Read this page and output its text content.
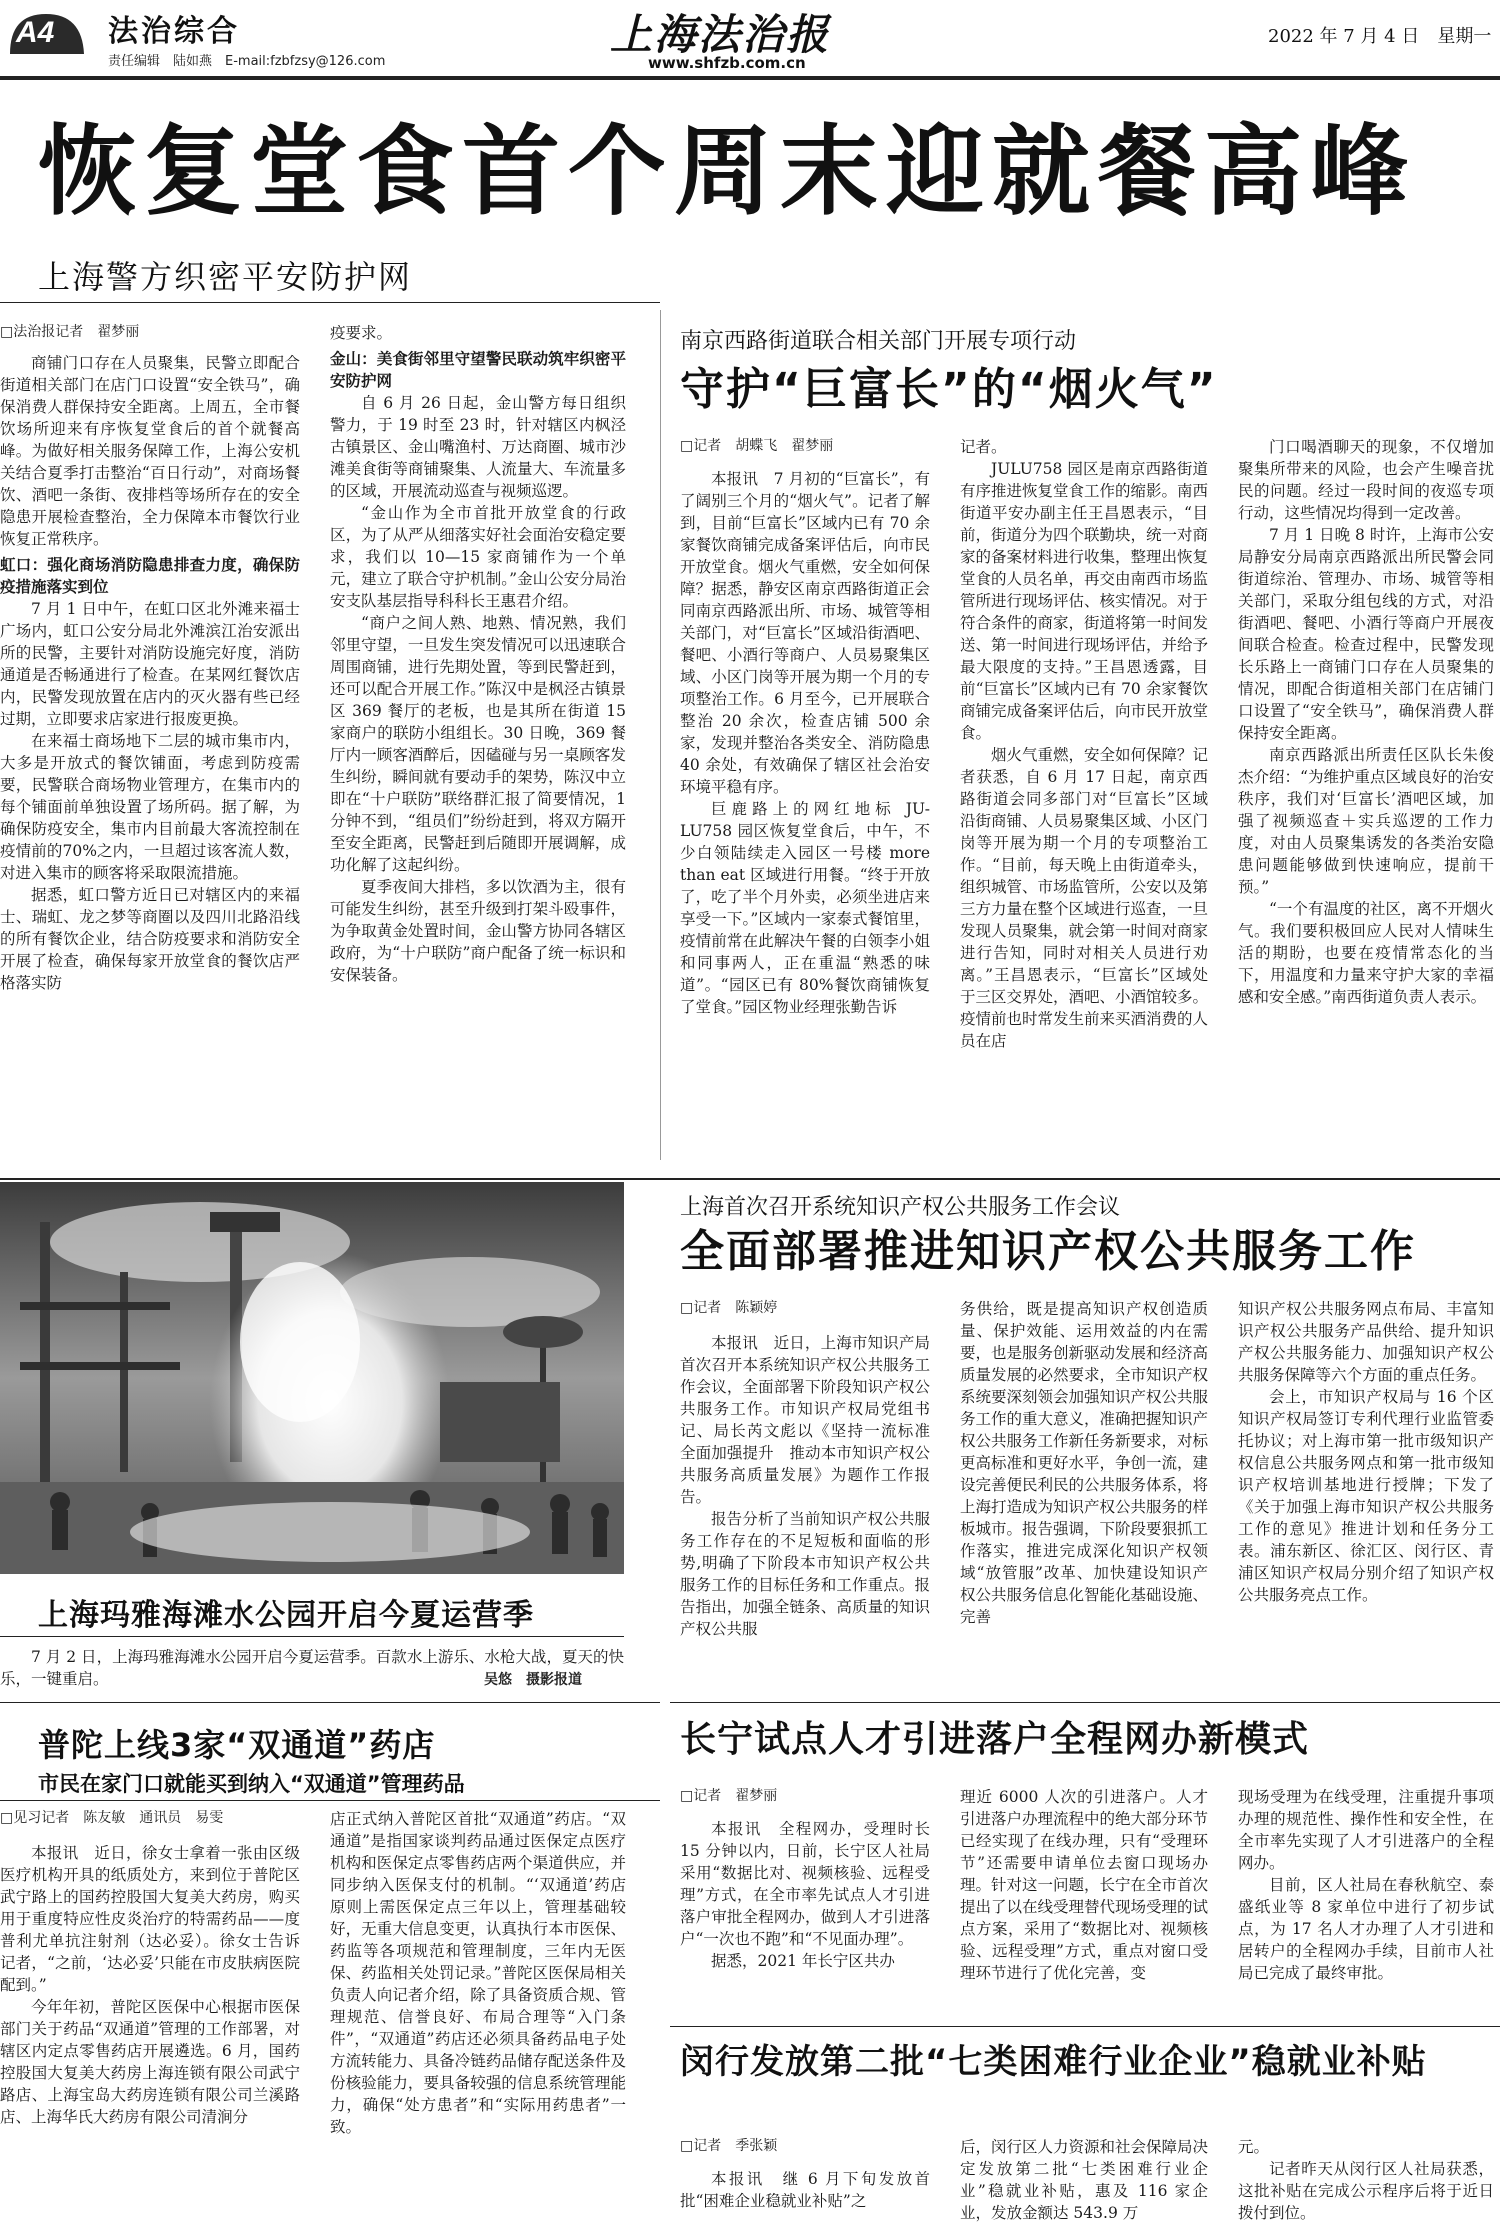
A4 法治综合
责任编辑　陆如燕　E-mail:fzbfzsy@126.com
上海法治报
www.shfzb.com.cn
2022 年 7 月 4 日　星期一
恢复堂食首个周末迎就餐高峰
上海警方织密平安防护网
□法治报记者　翟梦丽

商铺门口存在人员聚集，民警立即配合街道相关部门在店门口设置“安全铁马”，确保消费人群保持安全距离。上周五，全市餐饮场所迎来有序恢复堂食后的首个就餐高峰。为做好相关服务保障工作，上海公安机关结合夏季打击整治“百日行动”，对商场餐饮、酒吧一条街、夜排档等场所存在的安全隐患开展检查整治，全力保障本市餐饮行业恢复正常秩序。

虹口：强化商场消防隐患排查力度，确保防疫措施落实到位

7 月 1 日中午，在虹口区北外滩来福士广场内，虹口公安分局北外滩滨江治安派出所的民警，主要针对消防设施完好度，消防通道是否畅通进行了检查。在某网红餐饮店内，民警发现放置在店内的灭火器有些已经过期，立即要求店家进行报废更换。

在来福士商场地下二层的城市集市内，大多是开放式的餐饮铺面，考虑到防疫需要，民警联合商场物业管理方，在集市内的每个铺面前单独设置了场所码。据了解，为确保防疫安全，集市内目前最大客流控制在疫情前的70%之内，一旦超过该客流人数，对进入集市的顾客将采取限流措施。

据悉，虹口警方近日已对辖区内的来福士、瑞虹、龙之梦等商圈以及四川北路沿线的所有餐饮企业，结合防疫要求和消防安全开展了检查，确保每家开放堂食的餐饮店严格落实防

疫要求。

金山：美食街邻里守望警民联动筑牢织密平安防护网

自 6 月 26 日起，金山警方每日组织警力，于 19 时至 23 时，针对辖区内枫泾古镇景区、金山嘴渔村、万达商圈、城市沙滩美食街等商铺聚集、人流量大、车流量多的区域，开展流动巡查与视频巡逻。

“金山作为全市首批开放堂食的行政区，为了从严从细落实好社会面治安稳定要求，我们以 10—15 家商铺作为一个单元，建立了联合守护机制。”金山公安分局治安支队基层指导科科长王惠君介绍。

“商户之间人熟、地熟、情况熟，我们邻里守望，一旦发生突发情况可以迅速联合周围商铺，进行先期处置，等到民警赶到，还可以配合开展工作。”陈汉中是枫泾古镇景区 369 餐厅的老板，也是其所在街道 15 家商户的联防小组组长。30 日晚，369 餐厅内一顾客酒醉后，因磕碰与另一桌顾客发生纠纷，瞬间就有要动手的架势，陈汉中立即在“十户联防”联络群汇报了简要情况，1 分钟不到，“组员们”纷纷赶到，将双方隔开至安全距离，民警赶到后随即开展调解，成功化解了这起纠纷。

夏季夜间大排档，多以饮酒为主，很有可能发生纠纷，甚至升级到打架斗殴事件，为争取黄金处置时间，金山警方协同各辖区政府，为“十户联防”商户配备了统一标识和安保装备。

南京西路街道联合相关部门开展专项行动
守护“巨富长”的“烟火气”
□记者　胡蝶飞　翟梦丽

本报讯　7 月初的“巨富长”，有了阔别三个月的“烟火气”。记者了解到，目前“巨富长”区域内已有 70 余家餐饮商铺完成备案评估后，向市民开放堂食。烟火气重燃，安全如何保障？据悉，静安区南京西路街道正会同南京西路派出所、市场、城管等相关部门，对“巨富长”区域沿街酒吧、餐吧、小酒行等商户、人员易聚集区域、小区门岗等开展为期一个月的专项整治工作。6 月至今，已开展联合整治 20 余次，检查店铺 500 余家，发现并整治各类安全、消防隐患 40 余处，有效确保了辖区社会治安环境平稳有序。

巨鹿路上的网红地标 JU-LU758 园区恢复堂食后，中午，不少白领陆续走入园区一号楼 more than eat 区域进行用餐。“终于开放了，吃了半个月外卖，必须坐进店来享受一下。”区域内一家泰式餐馆里，疫情前常在此解决午餐的白领李小姐和同事两人，正在重温“熟悉的味道”。“园区已有 80%餐饮商铺恢复了堂食。”园区物业经理张勤告诉

记者。

JULU758 园区是南京西路街道有序推进恢复堂食工作的缩影。南西街道平安办副主任王昌恩表示，“目前，街道分为四个联勤块，统一对商家的备案材料进行收集，整理出恢复堂食的人员名单，再交由南西市场监管所进行现场评估、核实情况。对于符合条件的商家，街道将第一时间发送、第一时间进行现场评估，并给予最大限度的支持。”王昌恩透露，目前“巨富长”区域内已有 70 余家餐饮商铺完成备案评估后，向市民开放堂食。

烟火气重燃，安全如何保障？记者获悉，自 6 月 17 日起，南京西路街道会同多部门对“巨富长”区域沿街商铺、人员易聚集区域、小区门岗等开展为期一个月的专项整治工作。“目前，每天晚上由街道牵头，组织城管、市场监管所，公安以及第三方力量在整个区域进行巡查，一旦发现人员聚集，就会第一时间对商家进行告知，同时对相关人员进行劝离。”王昌恩表示，“巨富长”区域处于三区交界处，酒吧、小酒馆较多。疫情前也时常发生前来买酒消费的人员在店

门口喝酒聊天的现象，不仅增加聚集所带来的风险，也会产生噪音扰民的问题。经过一段时间的夜巡专项行动，这些情况均得到一定改善。

7 月 1 日晚 8 时许，上海市公安局静安分局南京西路派出所民警会同街道综治、管理办、市场、城管等相关部门，采取分组包线的方式，对沿街酒吧、餐吧、小酒行等商户开展夜间联合检查。检查过程中，民警发现长乐路上一商铺门口存在人员聚集的情况，即配合街道相关部门在店铺门口设置了“安全铁马”，确保消费人群保持安全距离。

南京西路派出所责任区队长朱俊杰介绍：“为维护重点区域良好的治安秩序，我们对‘巨富长’酒吧区域，加强了视频巡查＋实兵巡逻的工作力度，对由人员聚集诱发的各类治安隐患问题能够做到快速响应，提前干预。”

“一个有温度的社区，离不开烟火气。我们要积极回应人民对人情味生活的期盼，也要在疫情常态化的当下，用温度和力量来守护大家的幸福感和安全感。”南西街道负责人表示。

上海玛雅海滩水公园开启今夏运营季
7 月 2 日，上海玛雅海滩水公园开启今夏运营季。百款水上游乐、水枪大战，夏天的快乐，一键重启。	吴悠　摄影报道
上海首次召开系统知识产权公共服务工作会议
全面部署推进知识产权公共服务工作
□记者　陈颖婷

本报讯　近日，上海市知识产局首次召开本系统知识产权公共服务工作会议，全面部署下阶段知识产权公共服务工作。市知识产权局党组书记、局长芮文彪以《坚持一流标准　全面加强提升　推动本市知识产权公共服务高质量发展》为题作工作报告。

报告分析了当前知识产权公共服务工作存在的不足短板和面临的形势,明确了下阶段本市知识产权公共服务工作的目标任务和工作重点。报告指出，加强全链条、高质量的知识产权公共服

务供给，既是提高知识产权创造质量、保护效能、运用效益的内在需要，也是服务创新驱动发展和经济高质量发展的必然要求，全市知识产权系统要深刻领会加强知识产权公共服务工作的重大意义，准确把握知识产权公共服务工作新任务新要求，对标更高标准和更好水平，争创一流，建设完善便民利民的公共服务体系，将上海打造成为知识产权公共服务的样板城市。报告强调，下阶段要狠抓工作落实，推进完成深化知识产权领域“放管服”改革、加快建设知识产权公共服务信息化智能化基础设施、完善

知识产权公共服务网点布局、丰富知识产权公共服务产品供给、提升知识产权公共服务能力、加强知识产权公共服务保障等六个方面的重点任务。

会上，市知识产权局与 16 个区知识产权局签订专利代理行业监管委托协议；对上海市第一批市级知识产权信息公共服务网点和第一批市级知识产权培训基地进行授牌；下发了《关于加强上海市知识产权公共服务工作的意见》推进计划和任务分工表。浦东新区、徐汇区、闵行区、青浦区知识产权局分别介绍了知识产权公共服务亮点工作。

普陀上线3家“双通道”药店
市民在家门口就能买到纳入“双通道”管理药品
□见习记者　陈友敏　通讯员　易雯

本报讯　近日，徐女士拿着一张由区级医疗机构开具的纸质处方，来到位于普陀区武宁路上的国药控股国大复美大药房，购买用于重度特应性皮炎治疗的特需药品——度普利尤单抗注射剂（达必妥）。徐女士告诉记者，“之前，‘达必妥’只能在市皮肤病医院配到。”

今年年初，普陀区医保中心根据市医保部门关于药品“双通道”管理的工作部署，对辖区内定点零售药店开展遴选。6 月，国药控股国大复美大药房上海连锁有限公司武宁路店、上海宝岛大药房连锁有限公司兰溪路店、上海华氏大药房有限公司清涧分

店正式纳入普陀区首批“双通道”药店。“双通道”是指国家谈判药品通过医保定点医疗机构和医保定点零售药店两个渠道供应，并同步纳入医保支付的机制。“‘双通道’药店原则上需医保定点三年以上，管理基础较好，无重大信息变更，认真执行本市医保、药监等各项规范和管理制度，三年内无医保、药监相关处罚记录。”普陀区医保局相关负责人向记者介绍，除了具备资质合规、管理规范、信誉良好、布局合理等“入门条件”，“双通道”药店还必须具备药品电子处方流转能力、具备冷链药品储存配送条件及份核验能力，要具备较强的信息系统管理能力，确保“处方患者”和“实际用药患者”一致。

长宁试点人才引进落户全程网办新模式
□记者　翟梦丽

本报讯　全程网办，受理时长 15 分钟以内，日前，长宁区人社局采用“数据比对、视频核验、远程受理”方式，在全市率先试点人才引进落户审批全程网办，做到人才引进落户“一次也不跑”和“不见面办理”。

据悉，2021 年长宁区共办

理近 6000 人次的引进落户。人才引进落户办理流程中的绝大部分环节已经实现了在线办理，只有“受理环节”还需要申请单位去窗口现场办理。针对这一问题，长宁在全市首次提出了以在线受理替代现场受理的试点方案，采用了“数据比对、视频核验、远程受理”方式，重点对窗口受理环节进行了优化完善，变

现场受理为在线受理，注重提升事项办理的规范性、操作性和安全性，在全市率先实现了人才引进落户的全程网办。

目前，区人社局在春秋航空、泰盛纸业等 8 家单位中进行了初步试点，为 17 名人才办理了人才引进和居转户的全程网办手续，目前市人社局已完成了最终审批。

闵行发放第二批“七类困难行业企业”稳就业补贴
□记者　季张颖

本报讯　继 6 月下旬发放首批“困难企业稳就业补贴”之

后，闵行区人力资源和社会保障局决定发放第二批“七类困难行业企业”稳就业补贴，惠及 116 家企业，发放金额达 543.9 万

元。

记者昨天从闵行区人社局获悉，这批补贴在完成公示程序后将于近日拨付到位。
